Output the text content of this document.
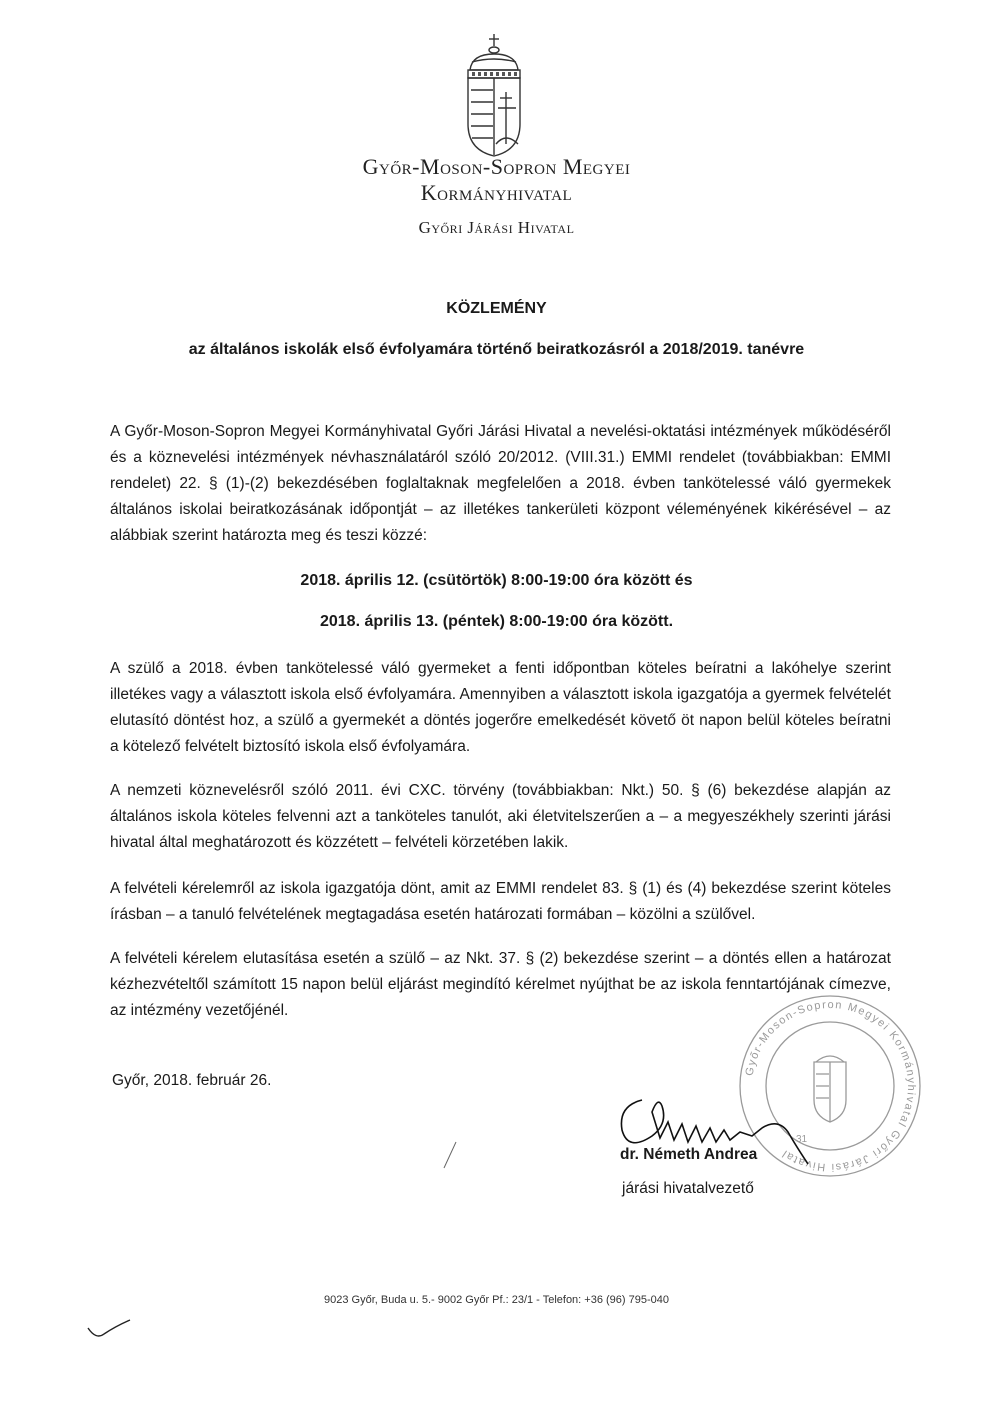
Győr-Moson-Sopron Megyei
Kormányhivatal
Győri Járási Hivatal
KÖZLEMÉNY
az általános iskolák első évfolyamára történő beiratkozásról a 2018/2019. tanévre
A Győr-Moson-Sopron Megyei Kormányhivatal Győri Járási Hivatal a nevelési-oktatási intézmények működéséről és a köznevelési intézmények névhasználatáról szóló 20/2012. (VIII.31.) EMMI rendelet (továbbiakban: EMMI rendelet) 22. § (1)-(2) bekezdésében foglaltaknak megfelelően a 2018. évben tankötelessé váló gyermekek általános iskolai beiratkozásának időpontját – az illetékes tankerületi központ véleményének kikérésével – az alábbiak szerint határozta meg és teszi közzé:
2018. április 12. (csütörtök) 8:00-19:00 óra között és
2018. április 13. (péntek) 8:00-19:00 óra között.
A szülő a 2018. évben tankötelessé váló gyermeket a fenti időpontban köteles beíratni a lakóhelye szerint illetékes vagy a választott iskola első évfolyamára. Amennyiben a választott iskola igazgatója a gyermek felvételét elutasító döntést hoz, a szülő a gyermekét a döntés jogerőre emelkedését követő öt napon belül köteles beíratni a kötelező felvételt biztosító iskola első évfolyamára.
A nemzeti köznevelésről szóló 2011. évi CXC. törvény (továbbiakban: Nkt.) 50. § (6) bekezdése alapján az általános iskola köteles felvenni azt a tanköteles tanulót, aki életvitelszerűen a – a megyeszékhely szerinti járási hivatal által meghatározott és közzétett – felvételi körzetében lakik.
A felvételi kérelemről az iskola igazgatója dönt, amit az EMMI rendelet 83. § (1) és (4) bekezdése szerint köteles írásban – a tanuló felvételének megtagadása esetén határozati formában – közölni a szülővel.
A felvételi kérelem elutasítása esetén a szülő – az Nkt. 37. § (2) bekezdése szerint – a döntés ellen a határozat kézhezvételtől számított 15 napon belül eljárást megindító kérelmet nyújthat be az iskola fenntartójának címezve, az intézmény vezetőjénél.
Győr, 2018. február 26.
Győr-Moson-Sopron Megyei Kormányhivatal Győri Járási Hivatal
31
dr. Németh Andrea
járási hivatalvezető
9023 Győr, Buda u. 5.- 9002 Győr Pf.: 23/1 - Telefon: +36 (96) 795-040
